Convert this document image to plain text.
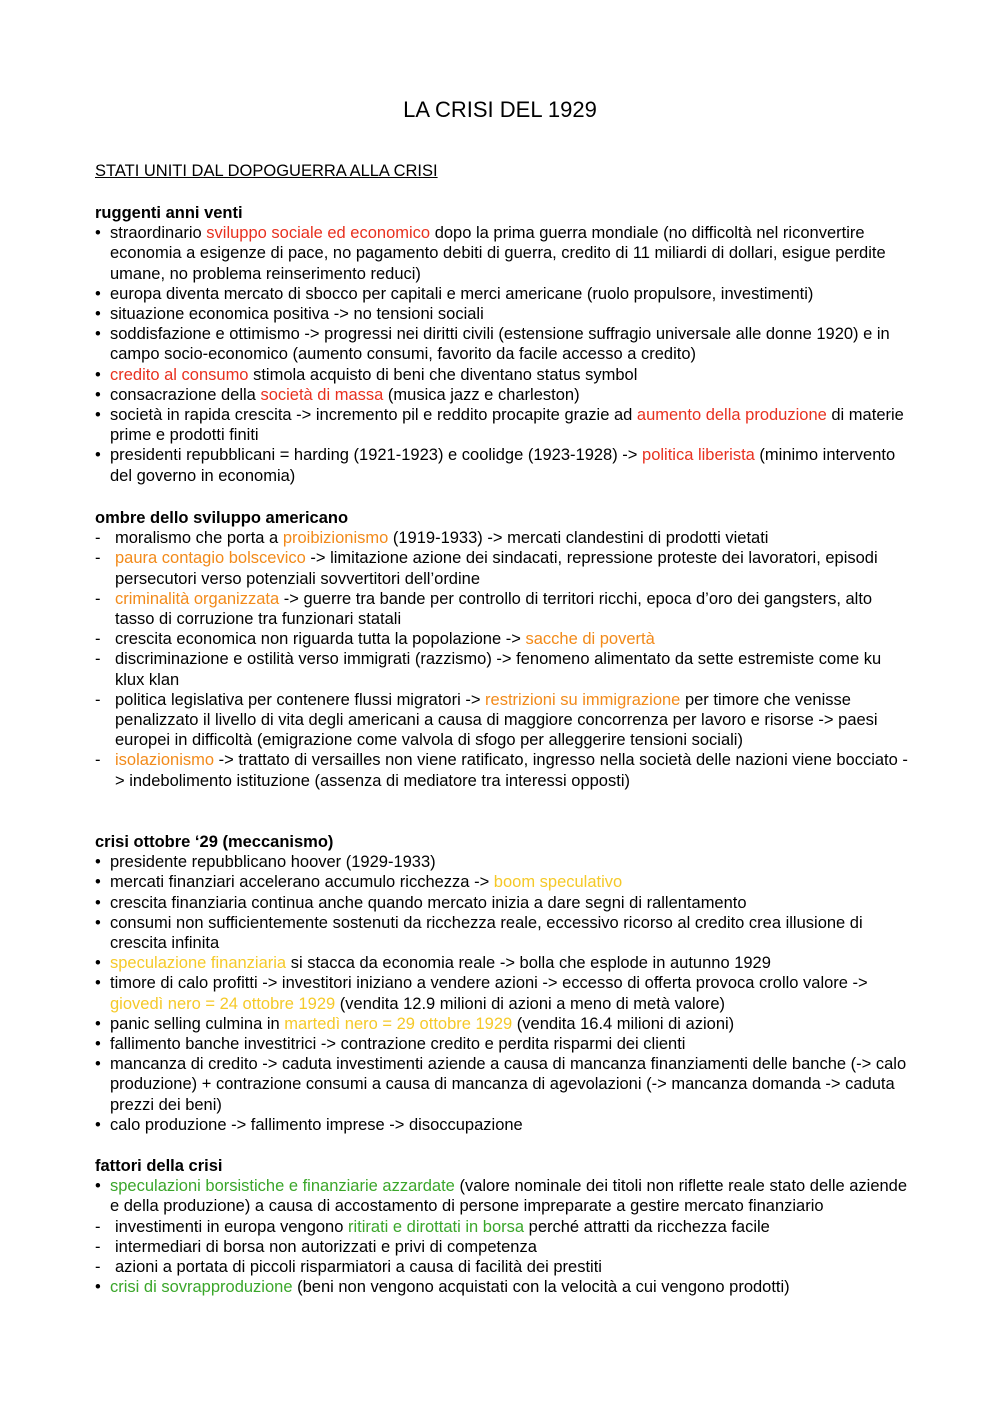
LA CRISI DEL 1929
STATI UNITI DAL DOPOGUERRA ALLA CRISI
ruggenti anni venti
• straordinario sviluppo sociale ed economico dopo la prima guerra mondiale (no difficoltà nel riconvertire economia a esigenze di pace, no pagamento debiti di guerra, credito di 11 miliardi di dollari, esigue perdite umane, no problema reinserimento reduci)
• europa diventa mercato di sbocco per capitali e merci americane (ruolo propulsore, investimenti)
• situazione economica positiva -> no tensioni sociali
• soddisfazione e ottimismo -> progressi nei diritti civili (estensione suffragio universale alle donne 1920) e in campo socio-economico (aumento consumi, favorito da facile accesso a credito)
• credito al consumo stimola acquisto di beni che diventano status symbol
• consacrazione della società di massa (musica jazz e charleston)
• società in rapida crescita -> incremento pil e reddito procapite grazie ad aumento della produzione di materie prime e prodotti finiti
• presidenti repubblicani = harding (1921-1923) e coolidge (1923-1928) -> politica liberista (minimo intervento del governo in economia)
ombre dello sviluppo americano
- moralismo che porta a proibizionismo (1919-1933) -> mercati clandestini di prodotti vietati
- paura contagio bolscevico -> limitazione azione dei sindacati, repressione proteste dei lavoratori, episodi persecutori verso potenziali sovvertitori dell’ordine
- criminalità organizzata -> guerre tra bande per controllo di territori ricchi, epoca d’oro dei gangsters, alto tasso di corruzione tra funzionari statali
- crescita economica non riguarda tutta la popolazione -> sacche di povertà
- discriminazione e ostilità verso immigrati (razzismo) -> fenomeno alimentato da sette estremiste come ku klux klan
- politica legislativa per contenere flussi migratori -> restrizioni su immigrazione per timore che venisse penalizzato il livello di vita degli americani a causa di maggiore concorrenza per lavoro e risorse -> paesi europei in difficoltà (emigrazione come valvola di sfogo per alleggerire tensioni sociali)
- isolazionismo -> trattato di versailles non viene ratificato, ingresso nella società delle nazioni viene bocciato -> indebolimento istituzione (assenza di mediatore tra interessi opposti)
crisi ottobre ‘29 (meccanismo)
• presidente repubblicano hoover (1929-1933)
• mercati finanziari accelerano accumulo ricchezza -> boom speculativo
• crescita finanziaria continua anche quando mercato inizia a dare segni di rallentamento
• consumi non sufficientemente sostenuti da ricchezza reale, eccessivo ricorso al credito crea illusione di crescita infinita
• speculazione finanziaria si stacca da economia reale -> bolla che esplode in autunno 1929
• timore di calo profitti -> investitori iniziano a vendere azioni -> eccesso di offerta provoca crollo valore -> giovedì nero = 24 ottobre 1929 (vendita 12.9 milioni di azioni a meno di metà valore)
• panic selling culmina in martedì nero = 29 ottobre 1929 (vendita 16.4 milioni di azioni)
• fallimento banche investitrici -> contrazione credito e perdita risparmi dei clienti
• mancanza di credito -> caduta investimenti aziende a causa di mancanza finanziamenti delle banche (-> calo produzione) + contrazione consumi a causa di mancanza di agevolazioni (-> mancanza domanda -> caduta prezzi dei beni)
• calo produzione -> fallimento imprese -> disoccupazione
fattori della crisi
• speculazioni borsistiche e finanziarie azzardate (valore nominale dei titoli non riflette reale stato delle aziende e della produzione) a causa di accostamento di persone impreparate a gestire mercato finanziario
- investimenti in europa vengono ritirati e dirottati in borsa perché attratti da ricchezza facile
- intermediari di borsa non autorizzati e privi di competenza
- azioni a portata di piccoli risparmiatori a causa di facilità dei prestiti
• crisi di sovrapproduzione (beni non vengono acquistati con la velocità a cui vengono prodotti)
